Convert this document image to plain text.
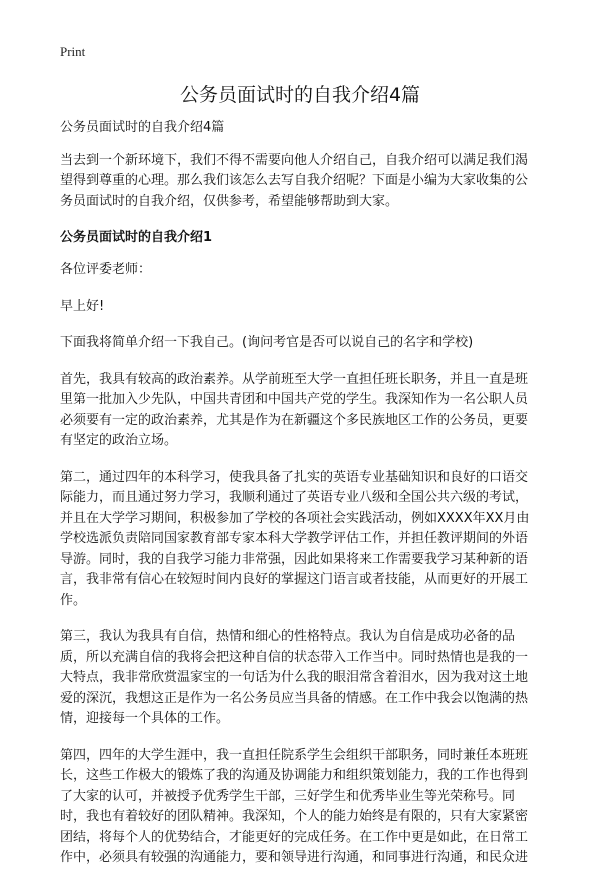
Print
公务员面试时的自我介绍4篇

公务员面试时的自我介绍4篇

当去到一个新环境下，我们不得不需要向他人介绍自己，自我介绍可以满足我们渴望得到尊重的心理。那么我们该怎么去写自我介绍呢？下面是小编为大家收集的公务员面试时的自我介绍，仅供参考，希望能够帮助到大家。

公务员面试时的自我介绍1

各位评委老师：

早上好!

下面我将简单介绍一下我自己。(询问考官是否可以说自己的名字和学校)

首先，我具有较高的政治素养。从学前班至大学一直担任班长职务，并且一直是班里第一批加入少先队，中国共青团和中国共产党的学生。我深知作为一名公职人员必须要有一定的政治素养，尤其是作为在新疆这个多民族地区工作的公务员，更要有坚定的政治立场。

第二，通过四年的本科学习，使我具备了扎实的英语专业基础知识和良好的口语交际能力，而且通过努力学习，我顺利通过了英语专业八级和全国公共六级的考试，并且在大学学习期间，积极参加了学校的各项社会实践活动，例如XXXX年XX月由学校选派负责陪同国家教育部专家本科大学教学评估工作，并担任教评期间的外语导游。同时，我的自我学习能力非常强，因此如果将来工作需要我学习某种新的语言，我非常有信心在较短时间内良好的掌握这门语言或者技能，从而更好的开展工作。

第三，我认为我具有自信，热情和细心的性格特点。我认为自信是成功必备的品质，所以充满自信的我将会把这种自信的状态带入工作当中。同时热情也是我的一大特点，我非常欣赏温家宝的一句话为什么我的眼泪常含着泪水，因为我对这土地爱的深沉，我想这正是作为一名公务员应当具备的情感。在工作中我会以饱满的热情，迎接每一个具体的工作。

第四，四年的大学生涯中，我一直担任院系学生会组织干部职务，同时兼任本班班长，这些工作极大的锻炼了我的沟通及协调能力和组织策划能力，我的工作也得到了大家的认可，并被授予优秀学生干部，三好学生和优秀毕业生等光荣称号。同时，我也有着较好的团队精神。我深知，个人的能力始终是有限的，只有大家紧密团结，将每个人的优势结合，才能更好的完成任务。在工作中更是如此，在日常工作中，必须具有较强的沟通能力，要和领导进行沟通，和同事进行沟通，和民众进
